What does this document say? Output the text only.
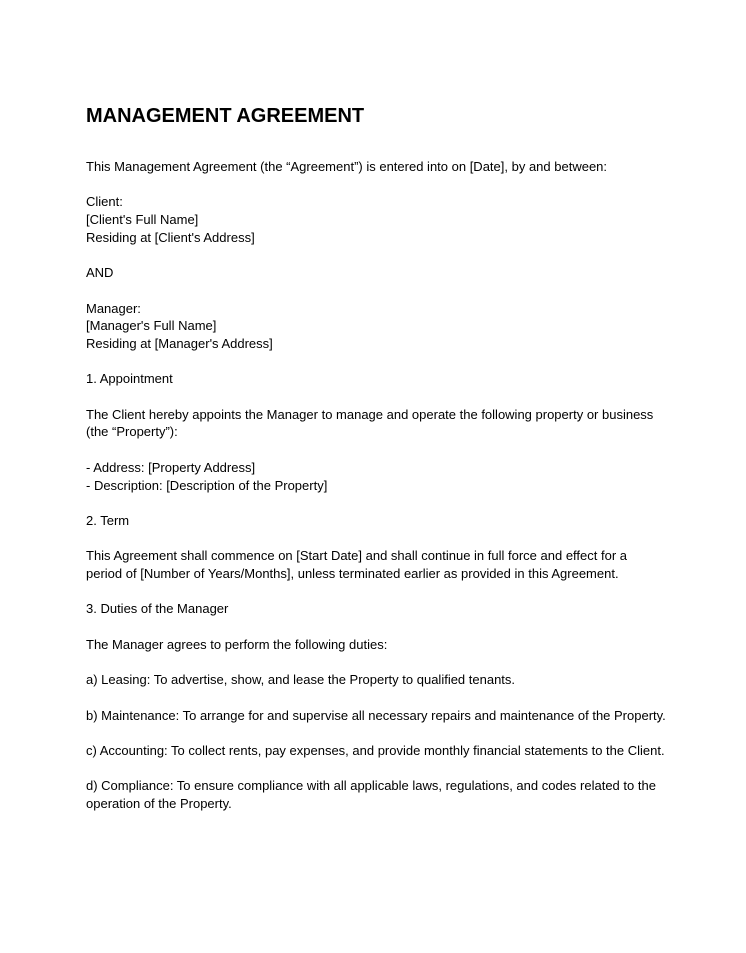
MANAGEMENT AGREEMENT

This Management Agreement (the “Agreement”) is entered into on [Date], by and between:

Client:
[Client's Full Name]
Residing at [Client's Address]

AND

Manager:
[Manager's Full Name]
Residing at [Manager's Address]

1. Appointment

The Client hereby appoints the Manager to manage and operate the following property or business (the “Property”):

- Address: [Property Address]
- Description: [Description of the Property]

2. Term

This Agreement shall commence on [Start Date] and shall continue in full force and effect for a period of [Number of Years/Months], unless terminated earlier as provided in this Agreement.

3. Duties of the Manager

The Manager agrees to perform the following duties:

a) Leasing: To advertise, show, and lease the Property to qualified tenants.

b) Maintenance: To arrange for and supervise all necessary repairs and maintenance of the Property.

c) Accounting: To collect rents, pay expenses, and provide monthly financial statements to the Client.

d) Compliance: To ensure compliance with all applicable laws, regulations, and codes related to the operation of the Property.
